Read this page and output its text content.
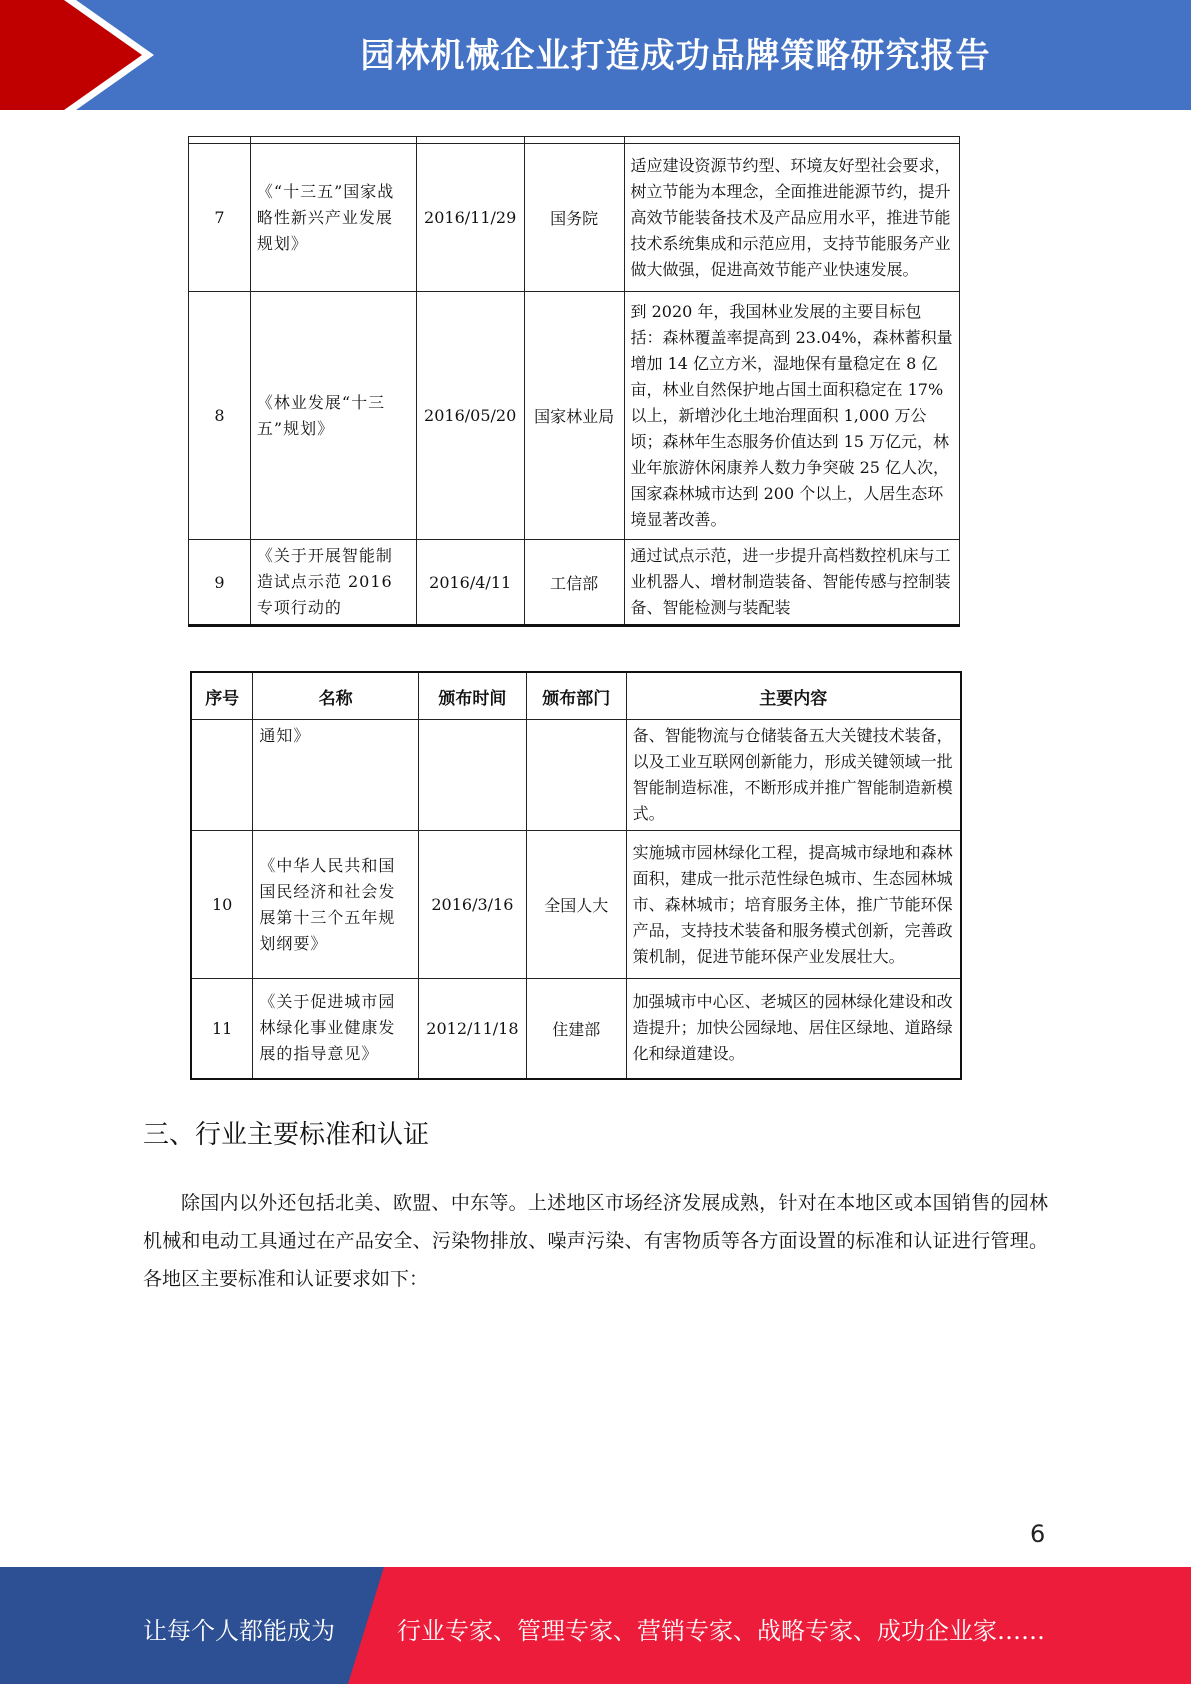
园林机械企业打造成功品牌策略研究报告

7	《“十三五”国家战略性新兴产业发展规划》	2016/11/29	国务院	适应建设资源节约型、环境友好型社会要求，树立节能为本理念，全面推进能源节约，提升高效节能装备技术及产品应用水平，推进节能技术系统集成和示范应用，支持节能服务产业做大做强，促进高效节能产业快速发展。
8	《林业发展“十三五”规划》	2016/05/20	国家林业局	到 2020 年，我国林业发展的主要目标包括：森林覆盖率提高到 23.04%，森林蓄积量增加 14 亿立方米，湿地保有量稳定在 8 亿亩，林业自然保护地占国土面积稳定在 17%以上，新增沙化土地治理面积 1,000 万公顷；森林年生态服务价值达到 15 万亿元，林业年旅游休闲康养人数力争突破 25 亿人次，国家森林城市达到 200 个以上，人居生态环境显著改善。
9	《关于开展智能制造试点示范 2016 专项行动的	2016/4/11	工信部	通过试点示范，进一步提升高档数控机床与工业机器人、增材制造装备、智能传感与控制装备、智能检测与装配装
序号	名称	颁布时间	颁布部门	主要内容
	通知》			备、智能物流与仓储装备五大关键技术装备，以及工业互联网创新能力，形成关键领域一批智能制造标准，不断形成并推广智能制造新模式。
10	《中华人民共和国国民经济和社会发展第十三个五年规划纲要》	2016/3/16	全国人大	实施城市园林绿化工程，提高城市绿地和森林面积，建成一批示范性绿色城市、生态园林城市、森林城市；培育服务主体，推广节能环保产品，支持技术装备和服务模式创新，完善政策机制，促进节能环保产业发展壮大。
11	《关于促进城市园林绿化事业健康发展的指导意见》	2012/11/18	住建部	加强城市中心区、老城区的园林绿化建设和改造提升；加快公园绿地、居住区绿地、道路绿化和绿道建设。
三、行业主要标准和认证

除国内以外还包括北美、欧盟、中东等。上述地区市场经济发展成熟，针对在本地区或本国销售的园林机械和电动工具通过在产品安全、污染物排放、噪声污染、有害物质等各方面设置的标准和认证进行管理。各地区主要标准和认证要求如下：

6
让每个人都能成为	行业专家、管理专家、营销专家、战略专家、成功企业家……
